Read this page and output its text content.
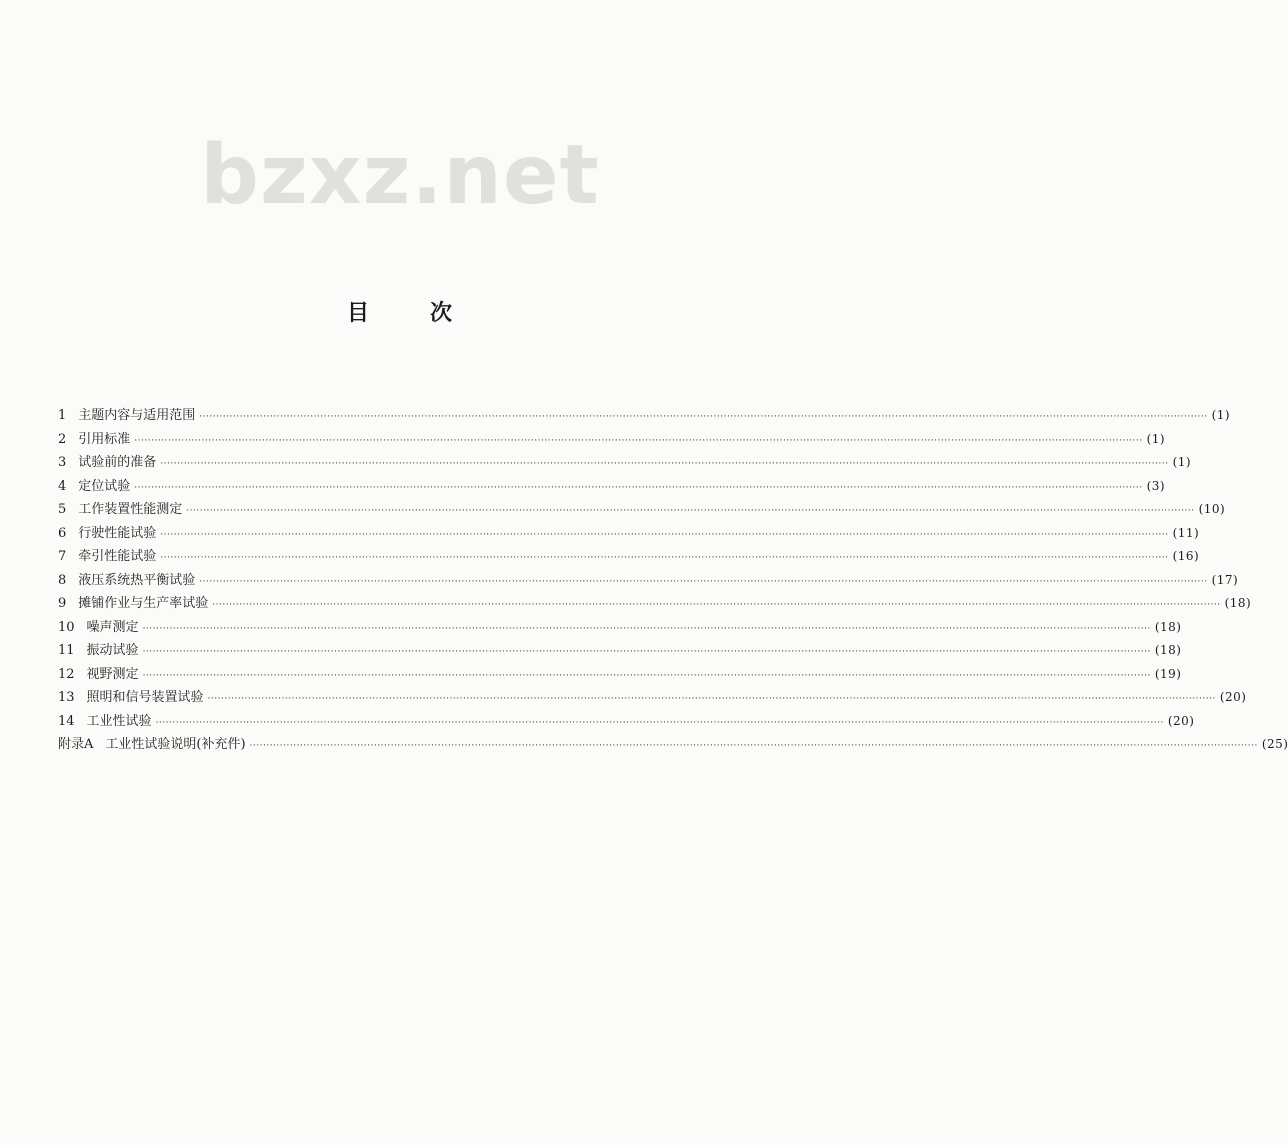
bzxz.net
目	次
1 主题内容与适用范围 ············································································································································································································································································································ (1)
2 引用标准 ············································································································································································································································································································ (1)
3 试验前的准备 ············································································································································································································································································································ (1)
4 定位试验 ············································································································································································································································································································ (3)
5 工作装置性能测定 ············································································································································································································································································································ (10)
6 行驶性能试验 ············································································································································································································································································································ (11)
7 牵引性能试验 ············································································································································································································································································································ (16)
8 液压系统热平衡试验 ············································································································································································································································································································ (17)
9 摊铺作业与生产率试验 ············································································································································································································································································································ (18)
10 噪声测定 ············································································································································································································································································································ (18)
11 振动试验 ············································································································································································································································································································ (18)
12 视野测定 ············································································································································································································································································································ (19)
13 照明和信号装置试验 ············································································································································································································································································································ (20)
14 工业性试验 ············································································································································································································································································································ (20)
附录A 工业性试验说明(补充件) ············································································································································································································································································································ (25)
